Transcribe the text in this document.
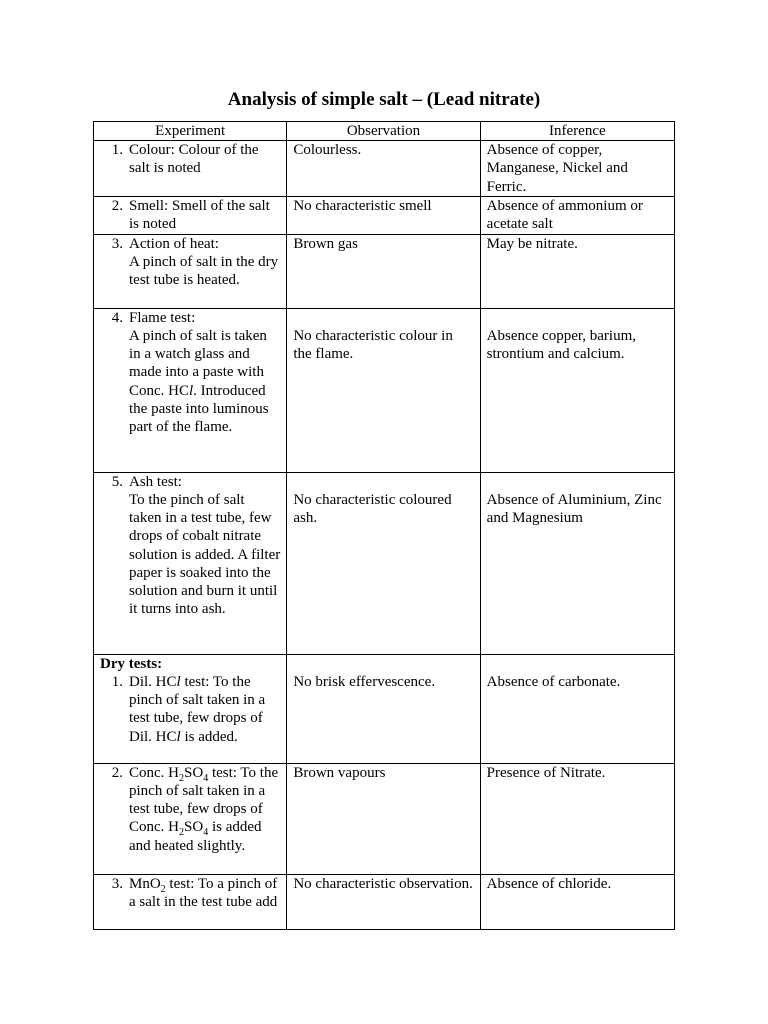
Analysis of simple salt – (Lead nitrate)
Experiment	Observation	Inference

1. Colour: Colour of the salt is noted	Colourless.	Absence of copper, Manganese, Nickel and Ferric.

2. Smell: Smell of the salt is noted	No characteristic smell	Absence of ammonium or acetate salt

3. Action of heat:
A pinch of salt in the dry test tube is heated.	Brown gas	May be nitrate.

4. Flame test:
A pinch of salt is taken in a watch glass and made into a paste with Conc. HCl. Introduced the paste into luminous part of the flame.	No characteristic colour in the flame.	Absence copper, barium, strontium and calcium.

5. Ash test:
To the pinch of salt taken in a test tube, few drops of cobalt nitrate solution is added. A filter paper is soaked into the solution and burn it until it turns into ash.	No characteristic coloured ash.	Absence of Aluminium, Zinc and Magnesium

Dry tests:
1. Dil. HCl test: To the pinch of salt taken in a test tube, few drops of Dil. HCl is added.	No brisk effervescence.	Absence of carbonate.

2. Conc. $H_2SO_4$ test: To the pinch of salt taken in a test tube, few drops of Conc. $H_2SO_4$ is added and heated slightly.	Brown vapours	Presence of Nitrate.

3. MnO$_2$ test: To a pinch of a salt in the test tube add	No characteristic observation.	Absence of chloride.
